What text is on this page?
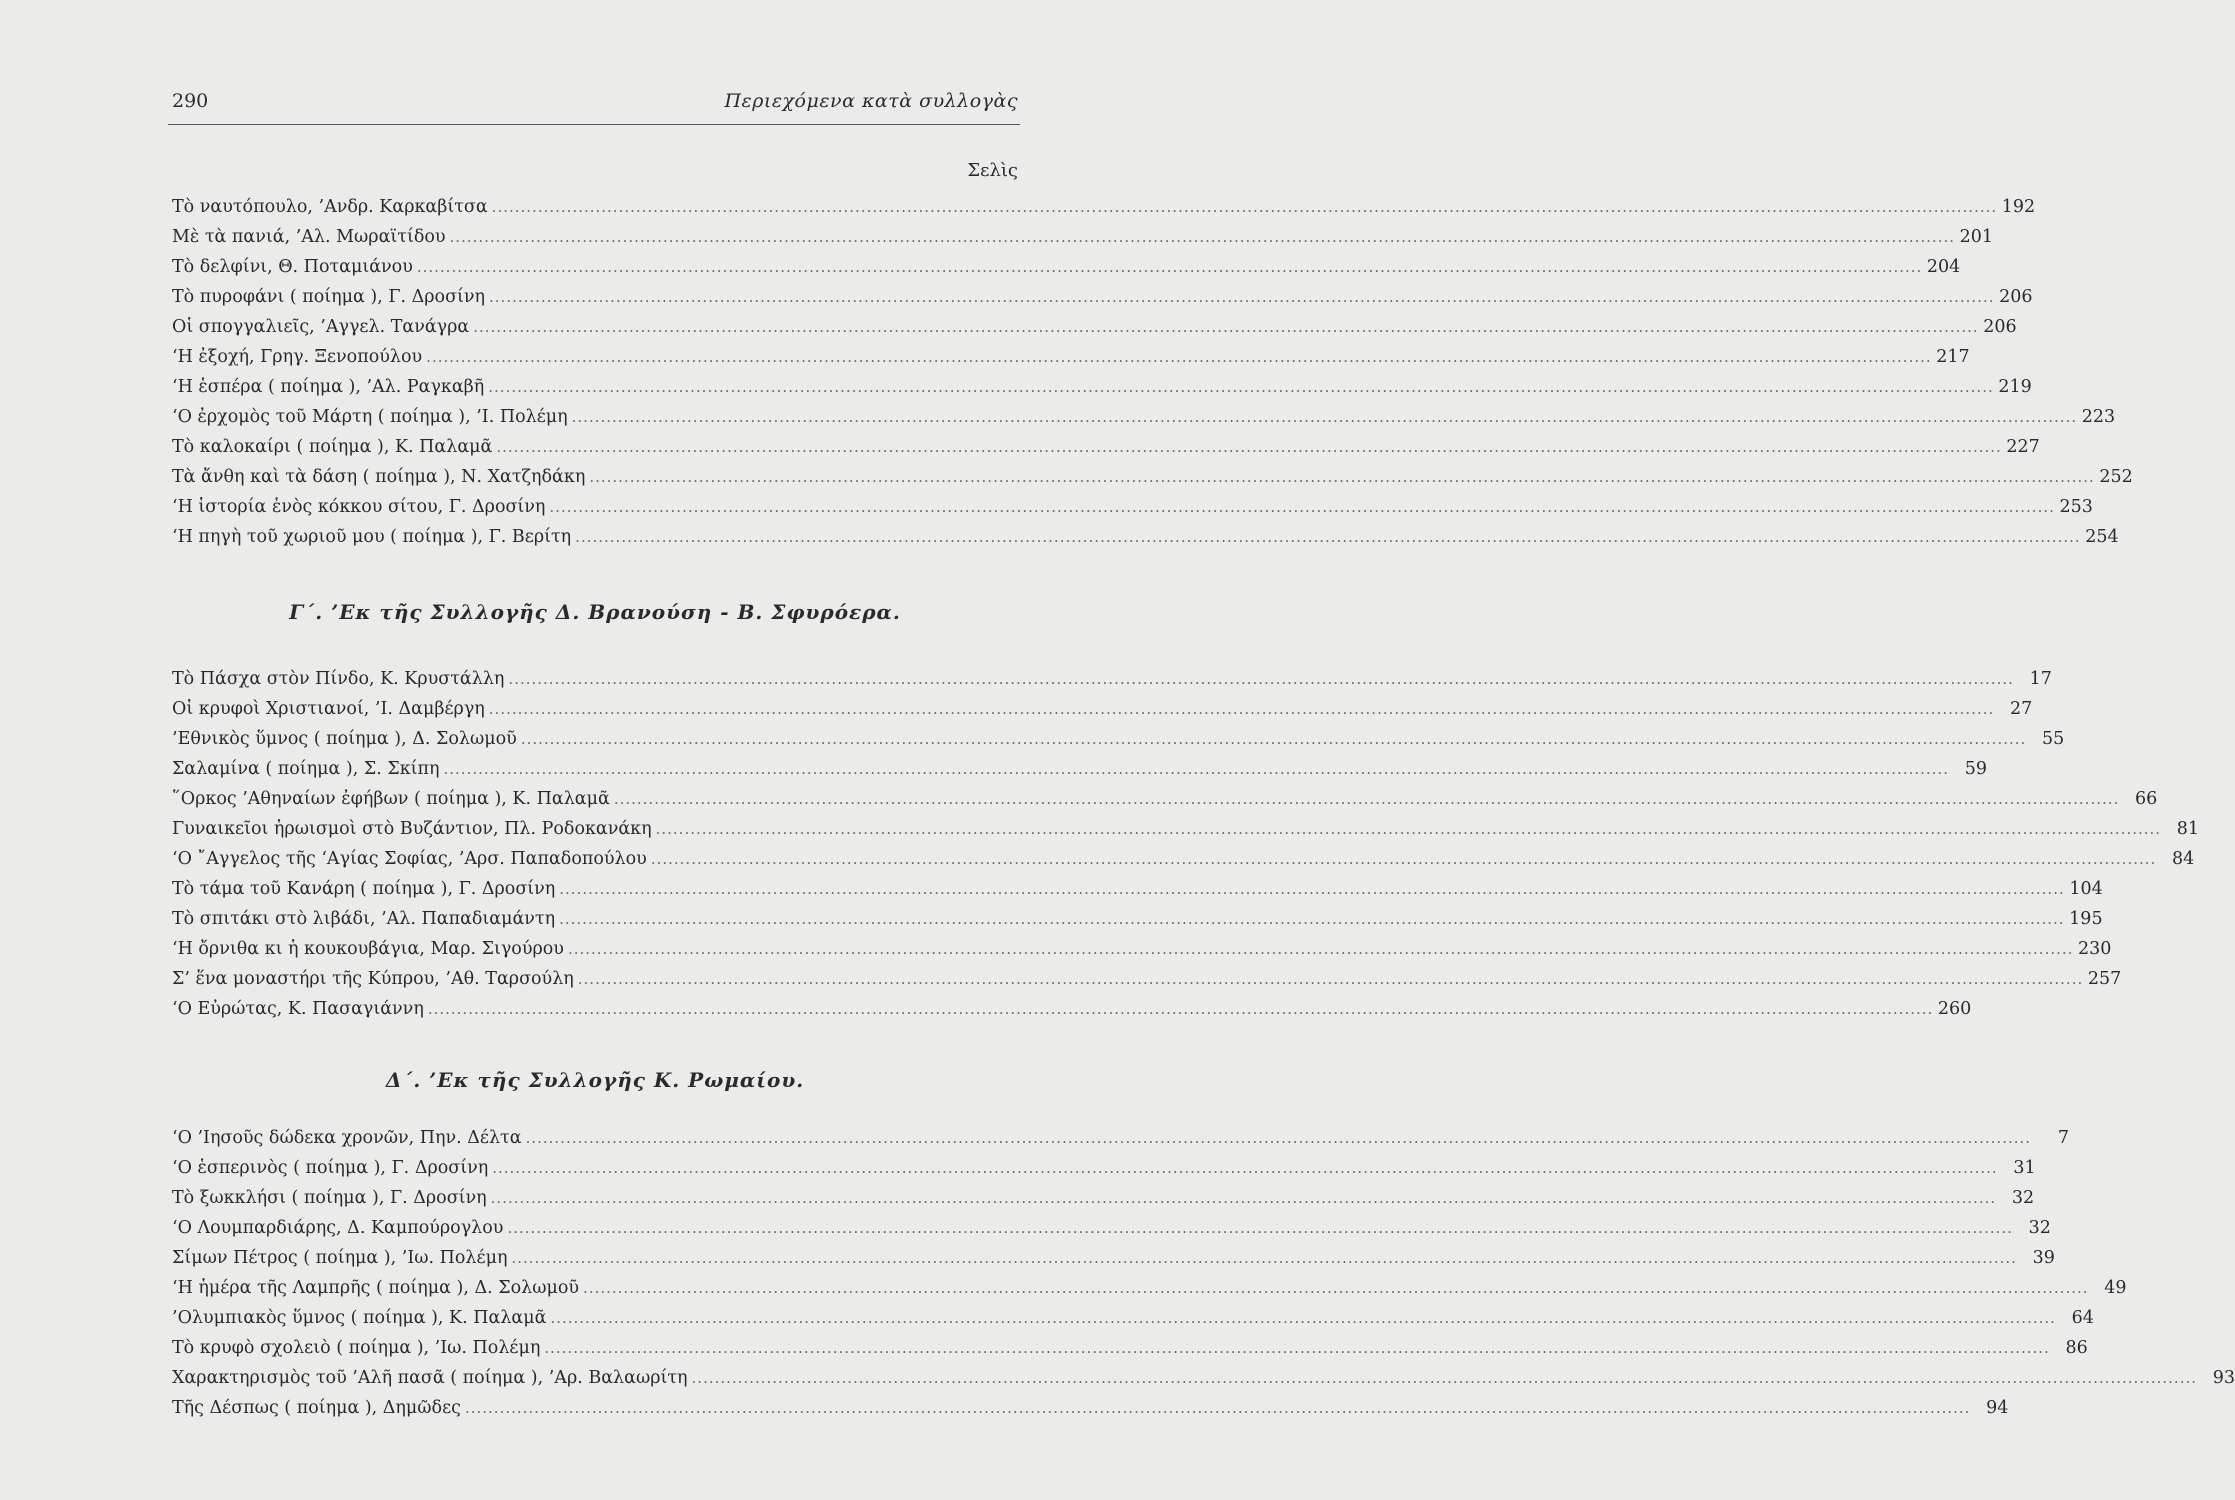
290	Περιεχόμενα κατὰ συλλογὰς
Σελὶς
Τὸ ναυτόπουλο, ’Ανδρ. Καρκαβίτσα .....	192
Μὲ τὰ πανιά, ’Αλ. Μωραϊτίδου .....	201
Τὸ δελφίνι, Θ. Ποταμιάνου .....	204
Τὸ πυροφάνι ( ποίημα ), Γ. Δροσίνη .....	206
Οἱ σπογγαλιεῖς, ’Αγγελ. Τανάγρα .....	206
‘Η ἐξοχή, Γρηγ. Ξενοπούλου .....	217
‘Η ἑσπέρα ( ποίημα ), ’Αλ. Ραγκαβῆ .....	219
‘Ο ἐρχομὸς τοῦ Μάρτη ( ποίημα ), ’Ι. Πολέμη .....	223
Τὸ καλοκαίρι ( ποίημα ), Κ. Παλαμᾶ .....	227
Τὰ ἄνθη καὶ τὰ δάση ( ποίημα ), Ν. Χατζηδάκη .....	252
‘Η ἱστορία ἑνὸς κόκκου σίτου, Γ. Δροσίνη .....	253
‘Η πηγὴ τοῦ χωριοῦ μου ( ποίημα ), Γ. Βερίτη .....	254
Γ΄. ’Εκ τῆς Συλλογῆς Δ. Βρανούση - Β. Σφυρόερα.
Τὸ Πάσχα στὸν Πίνδο, Κ. Κρυστάλλη .....	17
Οἱ κρυφοὶ Χριστιανοί, ’Ι. Δαμβέργη .....	27
’Εθνικὸς ὕμνος ( ποίημα ), Δ. Σολωμοῦ .....	55
Σαλαμίνα ( ποίημα ), Σ. Σκίπη .....	59
῞Ορκος ’Αθηναίων ἐφήβων ( ποίημα ), Κ. Παλαμᾶ .....	66
Γυναικεῖοι ἡρωισμοὶ στὸ Βυζάντιον, Πλ. Ροδοκανάκη .....	81
‘Ο ῎Αγγελος τῆς ‘Αγίας Σοφίας, ’Αρσ. Παπαδοπούλου .....	84
Τὸ τάμα τοῦ Κανάρη ( ποίημα ), Γ. Δροσίνη .....	104
Τὸ σπιτάκι στὸ λιβάδι, ’Αλ. Παπαδιαμάντη .....	195
‘Η ὄρνιθα κι ἡ κουκουβάγια, Μαρ. Σιγούρου .....	230
Σ’ ἕνα μοναστήρι τῆς Κύπρου, ’Αθ. Ταρσούλη .....	257
‘Ο Εὐρώτας, Κ. Πασαγιάννη .....	260
Δ΄. ’Εκ τῆς Συλλογῆς Κ. Ρωμαίου.
‘Ο ’Ιησοῦς δώδεκα χρονῶν, Πην. Δέλτα .....	7
‘Ο ἑσπερινὸς ( ποίημα ), Γ. Δροσίνη .....	31
Τὸ ξωκκλήσι ( ποίημα ), Γ. Δροσίνη .....	32
‘Ο Λουμπαρδιάρης, Δ. Καμπούρογλου .....	32
Σίμων Πέτρος ( ποίημα ), ’Ιω. Πολέμη .....	39
‘Η ἡμέρα τῆς Λαμπρῆς ( ποίημα ), Δ. Σολωμοῦ .....	49
’Ολυμπιακὸς ὕμνος ( ποίημα ), Κ. Παλαμᾶ .....	64
Τὸ κρυφὸ σχολειὸ ( ποίημα ), ’Ιω. Πολέμη .....	86
Χαρακτηρισμὸς τοῦ ’Αλῆ πασᾶ ( ποίημα ), ’Αρ. Βαλαωρίτη .....	93
Τῆς Δέσπως ( ποίημα ), Δημῶδες .....	94
